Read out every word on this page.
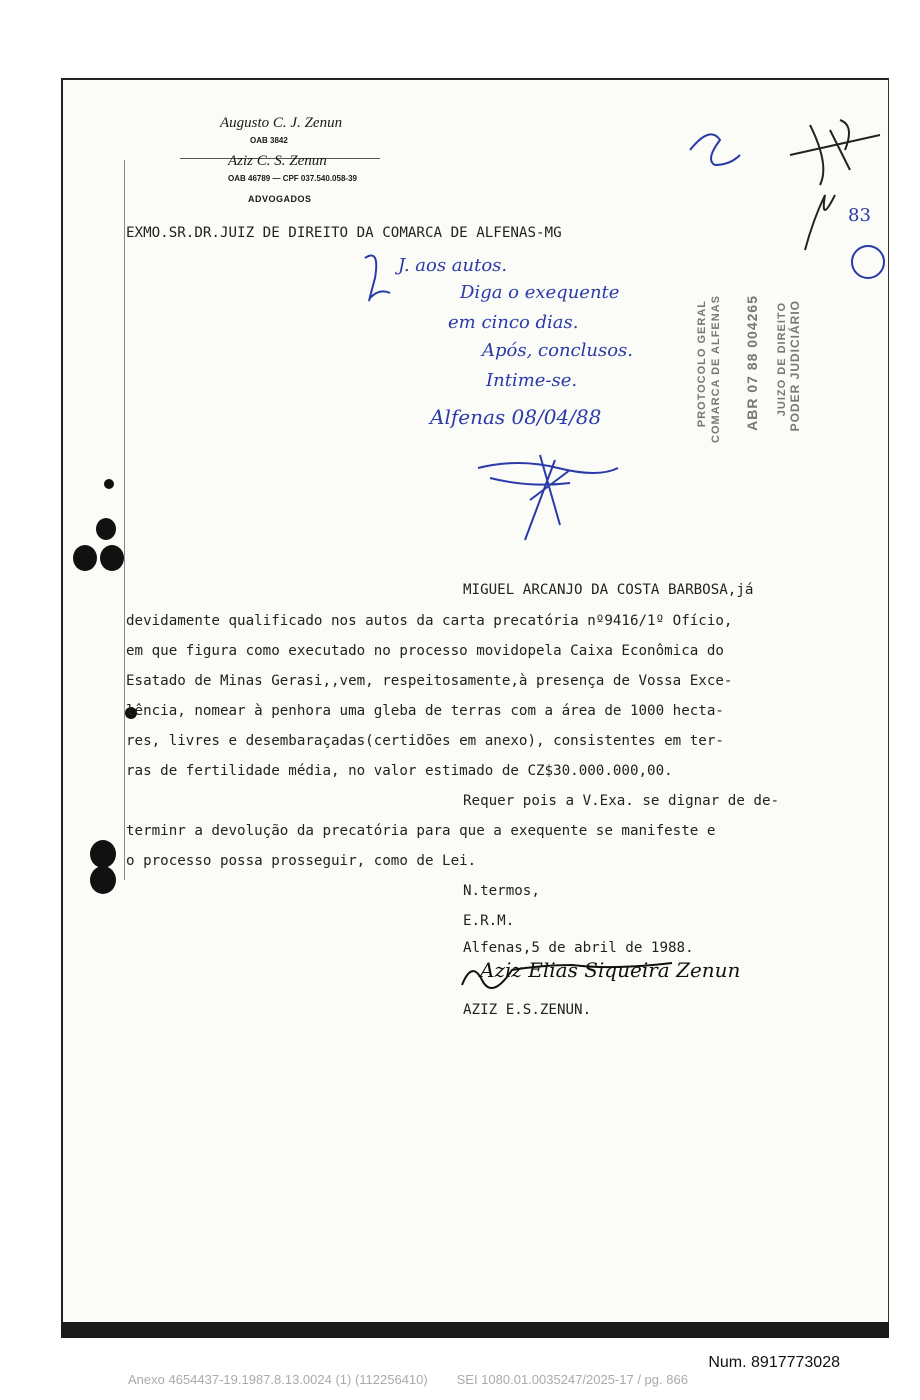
Augusto C. J. Zenun
OAB 3842
Aziz C. S. Zenun
OAB 46789 — CPF 037.540.058-39
ADVOGADOS
EXMO.SR.DR.JUIZ DE DIREITO DA COMARCA DE ALFENAS-MG
J. aos autos.
Diga o exequente
em cinco dias.
Após, conclusos.
Intime-se.
Alfenas 08/04/88
83
PODER JUDICIÁRIO
JUIZO DE DIREITO
ABR 07 88 004265
COMARCA DE ALFENAS
PROTOCOLO GERAL
MIGUEL ARCANJO DA COSTA BARBOSA,já
devidamente qualificado nos autos da carta precatória nº9416/1º Ofício,
em que figura como executado no processo movidopela Caixa Econômica do
Esatado de Minas Gerasi,,vem, respeitosamente,à presença de Vossa Exce-
lência, nomear à penhora uma gleba de terras com a área de 1000 hecta-
res, livres e desembaraçadas(certidões em anexo), consistentes em ter-
ras de fertilidade média, no valor estimado de CZ$30.000.000,00.
Requer pois a V.Exa. se dignar de de-
terminr a devolução da precatória para que a exequente se manifeste e
o processo possa prosseguir, como de Lei.
N.termos,
E.R.M.
Alfenas,5 de abril de 1988.
Aziz Elias Siqueira Zenun
AZIZ E.S.ZENUN.
Num. 8917773028
Anexo 4654437-19.1987.8.13.0024 (1) (112256410)        SEI 1080.01.0035247/2025-17 / pg. 866
